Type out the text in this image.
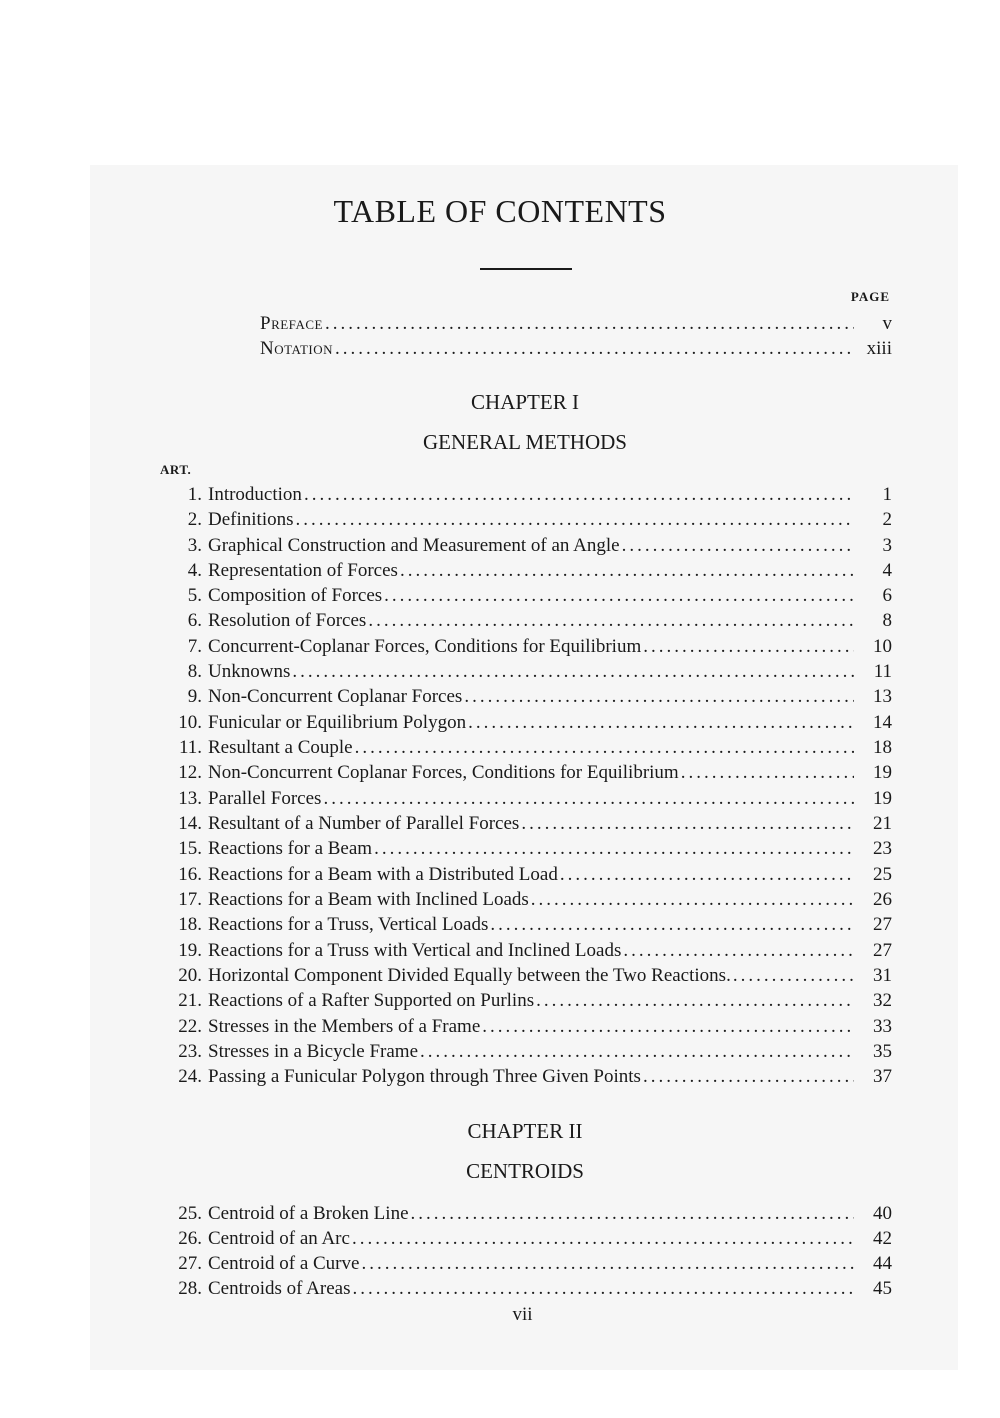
TABLE OF CONTENTS
PAGE
Preface .....	v
Notation .....	xiii
CHAPTER I
GENERAL METHODS
ART.
1. Introduction .....	1
2. Definitions .....	2
3. Graphical Construction and Measurement of an Angle .....	3
4. Representation of Forces .....	4
5. Composition of Forces .....	6
6. Resolution of Forces .....	8
7. Concurrent-Coplanar Forces, Conditions for Equilibrium .....	10
8. Unknowns .....	11
9. Non-Concurrent Coplanar Forces .....	13
10. Funicular or Equilibrium Polygon .....	14
11. Resultant a Couple .....	18
12. Non-Concurrent Coplanar Forces, Conditions for Equilibrium .....	19
13. Parallel Forces .....	19
14. Resultant of a Number of Parallel Forces .....	21
15. Reactions for a Beam .....	23
16. Reactions for a Beam with a Distributed Load .....	25
17. Reactions for a Beam with Inclined Loads .....	26
18. Reactions for a Truss, Vertical Loads .....	27
19. Reactions for a Truss with Vertical and Inclined Loads .....	27
20. Horizontal Component Divided Equally between the Two Reactions. .....	31
21. Reactions of a Rafter Supported on Purlins .....	32
22. Stresses in the Members of a Frame .....	33
23. Stresses in a Bicycle Frame .....	35
24. Passing a Funicular Polygon through Three Given Points .....	37
CHAPTER II
CENTROIDS
25. Centroid of a Broken Line .....	40
26. Centroid of an Arc .....	42
27. Centroid of a Curve .....	44
28. Centroids of Areas .....	45
vii
